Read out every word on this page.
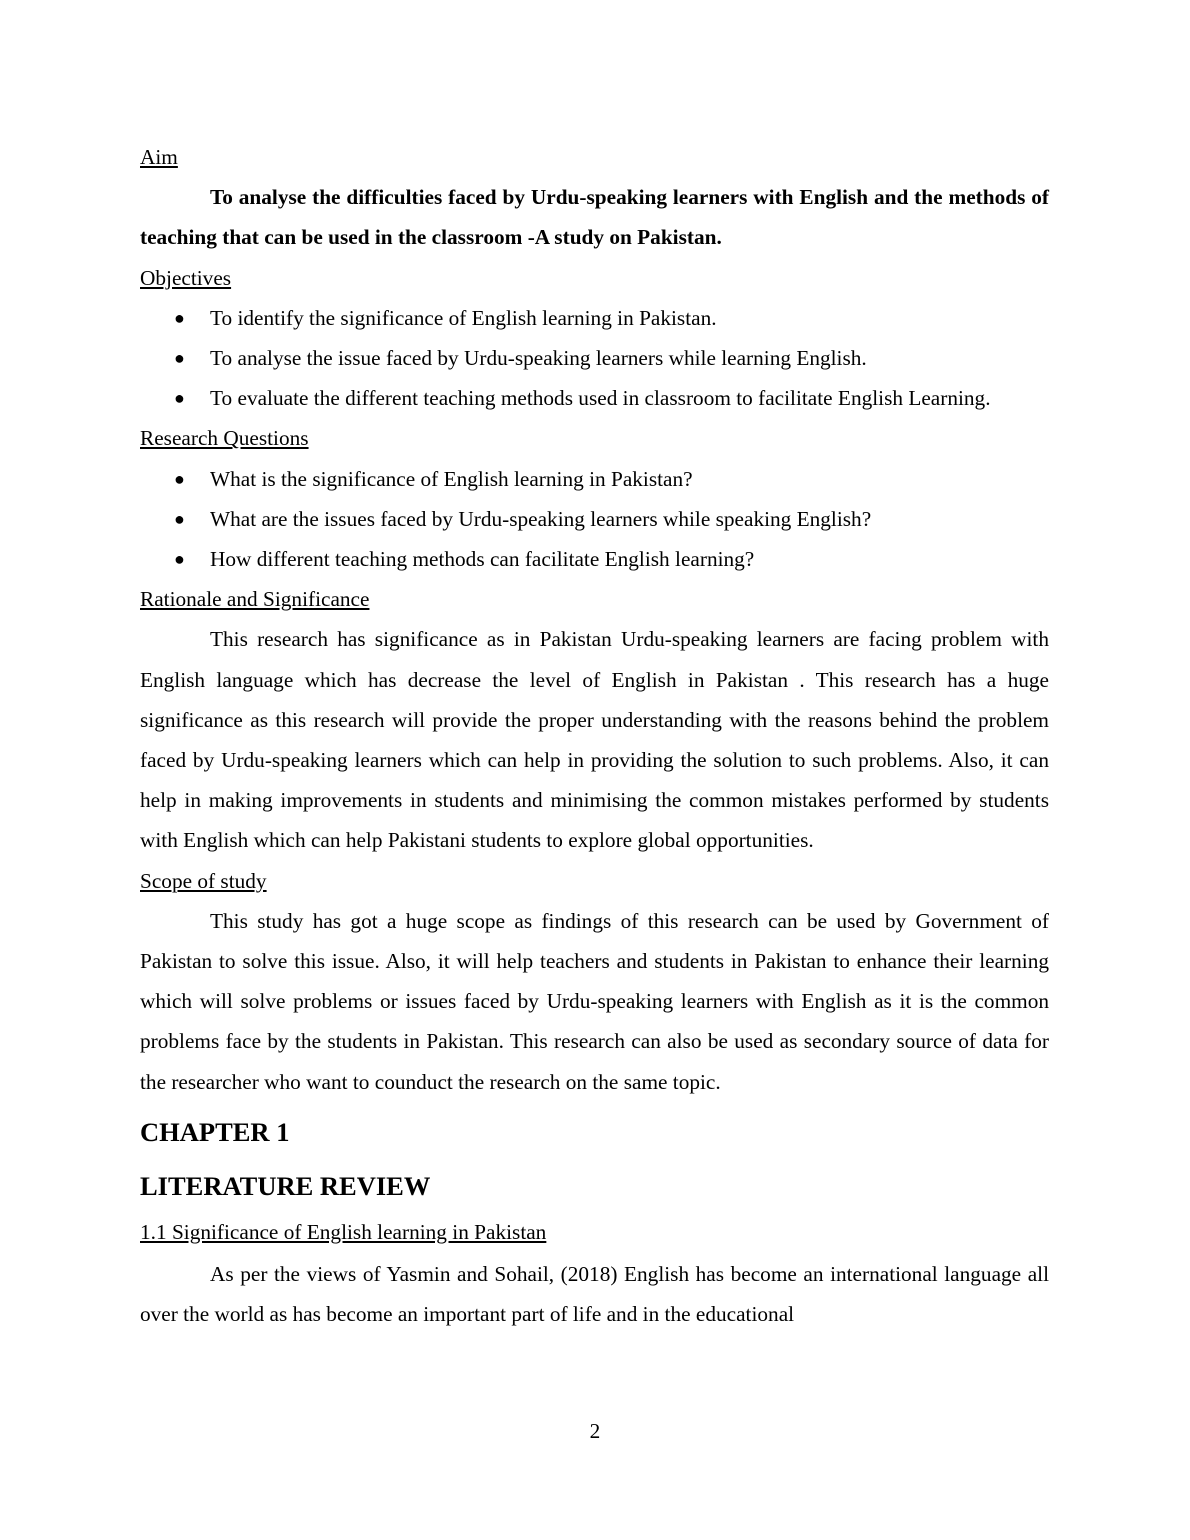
Aim

To analyse the difficulties faced by Urdu-speaking learners with English and the methods of teaching that can be used in the classroom -A study on Pakistan.

Objectives
● To identify the significance of English learning in Pakistan.
● To analyse the issue faced by Urdu-speaking learners while learning English.
● To evaluate the different teaching methods used in classroom to facilitate English Learning.
Research Questions
● What is the significance of English learning in Pakistan?
● What are the issues faced by Urdu-speaking learners while speaking English?
● How different teaching methods can facilitate English learning?
Rationale and Significance

This research has significance as in Pakistan Urdu-speaking learners are facing problem with English language which has decrease the level of English in Pakistan . This research has a huge significance as this research will provide the proper understanding with the reasons behind the problem faced by Urdu-speaking learners which can help in providing the solution to such problems. Also, it can help in making improvements in students and minimising the common mistakes performed by students with English which can help Pakistani students to explore global opportunities.

Scope of study

This study has got a huge scope as findings of this research can be used by Government of Pakistan to solve this issue. Also, it will help teachers and students in Pakistan to enhance their learning which will solve problems or issues faced by Urdu-speaking learners with English as it is the common problems face by the students in Pakistan. This research can also be used as secondary source of data for the researcher who want to counduct the research on the same topic.

CHAPTER 1
LITERATURE REVIEW
1.1 Significance of English learning in Pakistan

As per the views of Yasmin and Sohail, (2018) English has become an international language all over the world as has become an important part of life and in the educational

2
